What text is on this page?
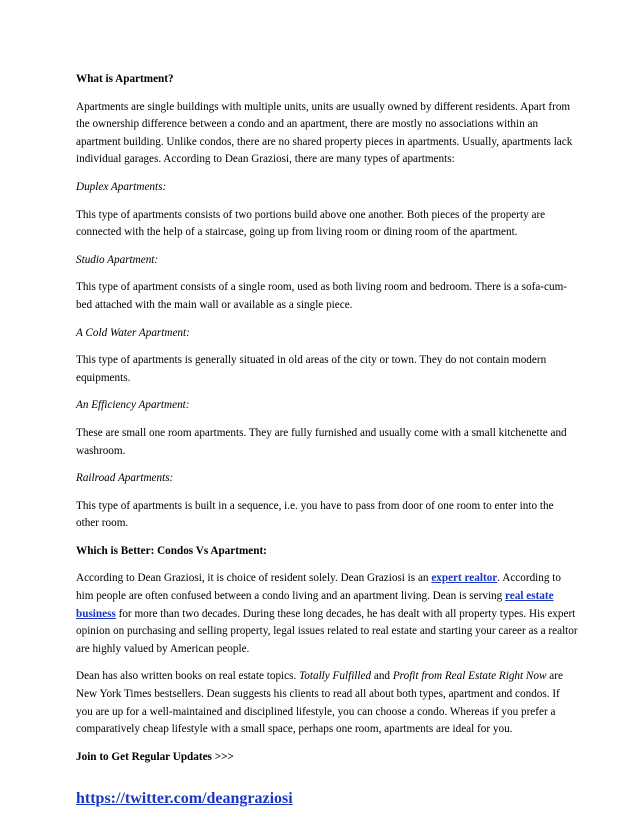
What is Apartment?

Apartments are single buildings with multiple units, units are usually owned by different residents. Apart from the ownership difference between a condo and an apartment, there are mostly no associations within an apartment building. Unlike condos, there are no shared property pieces in apartments. Usually, apartments lack individual garages. According to Dean Graziosi, there are many types of apartments:

Duplex Apartments:

This type of apartments consists of two portions build above one another. Both pieces of the property are connected with the help of a staircase, going up from living room or dining room of the apartment.

Studio Apartment:

This type of apartment consists of a single room, used as both living room and bedroom. There is a sofa-cum-bed attached with the main wall or available as a single piece.

A Cold Water Apartment:

This type of apartments is generally situated in old areas of the city or town. They do not contain modern equipments.

An Efficiency Apartment:

These are small one room apartments. They are fully furnished and usually come with a small kitchenette and washroom.

Railroad Apartments:

This type of apartments is built in a sequence, i.e. you have to pass from door of one room to enter into the other room.

Which is Better: Condos Vs Apartment:

According to Dean Graziosi, it is choice of resident solely. Dean Graziosi is an expert realtor. According to him people are often confused between a condo living and an apartment living. Dean is serving real estate business for more than two decades. During these long decades, he has dealt with all property types. His expert opinion on purchasing and selling property, legal issues related to real estate and starting your career as a realtor are highly valued by American people.

Dean has also written books on real estate topics. Totally Fulfilled and Profit from Real Estate Right Now are New York Times bestsellers. Dean suggests his clients to read all about both types, apartment and condos. If you are up for a well-maintained and disciplined lifestyle, you can choose a condo. Whereas if you prefer a comparatively cheap lifestyle with a small space, perhaps one room, apartments are ideal for you.

Join to Get Regular Updates >>>

https://twitter.com/deangraziosi
